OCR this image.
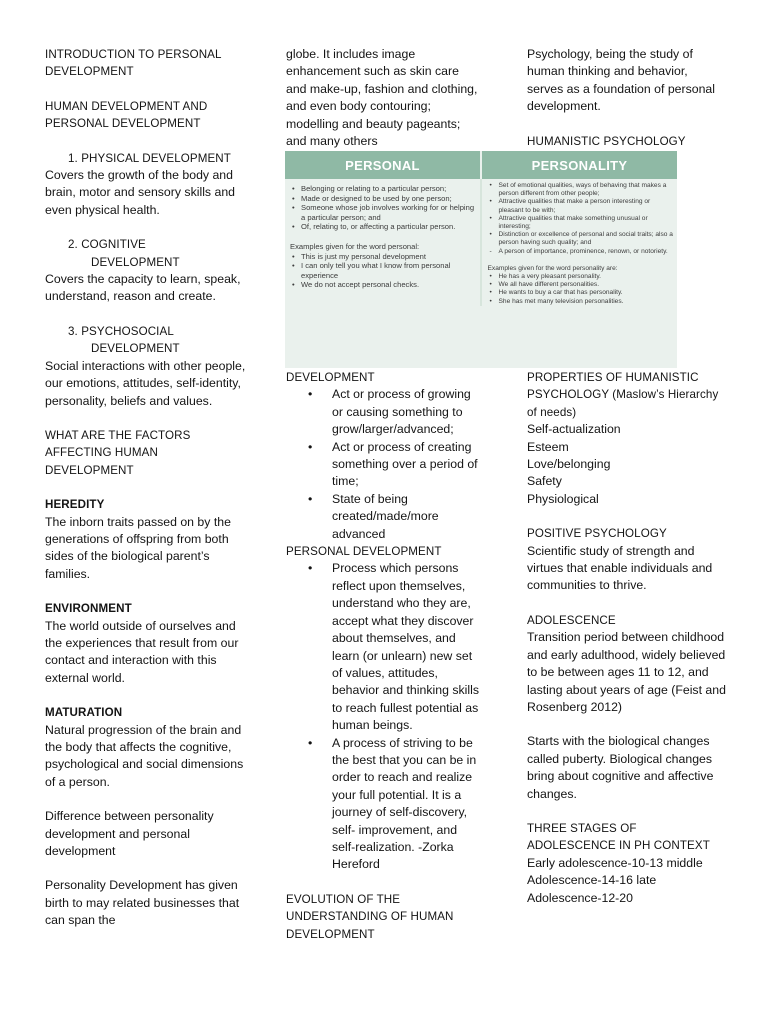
INTRODUCTION TO PERSONAL

DEVELOPMENT

HUMAN DEVELOPMENT AND

PERSONAL DEVELOPMENT

1. PHYSICAL DEVELOPMENT

Covers the growth of the body and brain, motor and sensory skills and even physical health.

2. COGNITIVE

DEVELOPMENT

Covers the capacity to learn, speak, understand, reason and create.

3. PSYCHOSOCIAL

DEVELOPMENT

Social interactions with other people, our emotions, attitudes, self-identity, personality, beliefs and values.

WHAT ARE THE FACTORS AFFECTING HUMAN DEVELOPMENT

HEREDITY

The inborn traits passed on by the generations of offspring from both sides of the biological parent’s families.

ENVIRONMENT

The world outside of ourselves and the experiences that result from our contact and interaction with this external world.

MATURATION

Natural progression of the brain and the body that affects the cognitive, psychological and social dimensions of a person.

Difference between personality development and personal development

Personality Development has given birth to may related businesses that can span the

globe. It includes image enhancement such as skin care and make-up, fashion and clothing, and even body contouring; modelling and beauty pageants; and many others

PERSONAL	PERSONALITY
• Belonging or relating to a particular person;
• Made or designed to be used by one person;
• Someone whose job involves working for or helping a particular person; and
• Of, relating to, or affecting a particular person.

Examples given for the word personal:

• This is just my personal development
• I can only tell you what I know from personal experience
• We do not accept personal checks.
• Set of emotional qualities, ways of behaving that makes a person different from other people;
• Attractive qualities that make a person interesting or pleasant to be with;
• Attractive qualities that make something unusual or interesting;
• Distinction or excellence of personal and social traits; also a person having such quality; and
- A person of importance, prominence, renown, or notoriety.

Examples given for the word personality are:

• He has a very pleasant personality.
• We all have different personalities.
• He wants to buy a car that has personality.
• She has met many television personalities.

DEVELOPMENT

• Act or process of growing or causing something to grow/larger/advanced;
• Act or process of creating something over a period of time;
• State of being created/made/more advanced

PERSONAL DEVELOPMENT

• Process which persons reflect upon themselves, understand who they are, accept what they discover about themselves, and learn (or unlearn) new set of values, attitudes, behavior and thinking skills to reach fullest potential as human beings.
• A process of striving to be the best that you can be in order to reach and realize your full potential. It is a journey of self-discovery, self- improvement, and self-realization. -Zorka Hereford

EVOLUTION OF THE UNDERSTANDING OF HUMAN DEVELOPMENT

Psychology, being the study of human thinking and behavior, serves as a foundation of personal development.

HUMANISTIC PSYCHOLOGY

PROPERTIES OF HUMANISTIC PSYCHOLOGY (Maslow’s Hierarchy of needs)

Self-actualization

Esteem

Love/belonging

Safety

Physiological

POSITIVE PSYCHOLOGY

Scientific study of strength and virtues that enable individuals and communities to thrive.

ADOLESCENCE

Transition period between childhood and early adulthood, widely believed to be between ages 11 to 12, and lasting about years of age (Feist and Rosenberg 2012)

Starts with the biological changes called puberty. Biological changes bring about cognitive and affective changes.

THREE STAGES OF ADOLESCENCE IN PH CONTEXT

Early adolescence-10-13 middle Adolescence-14-16 late Adolescence-12-20
